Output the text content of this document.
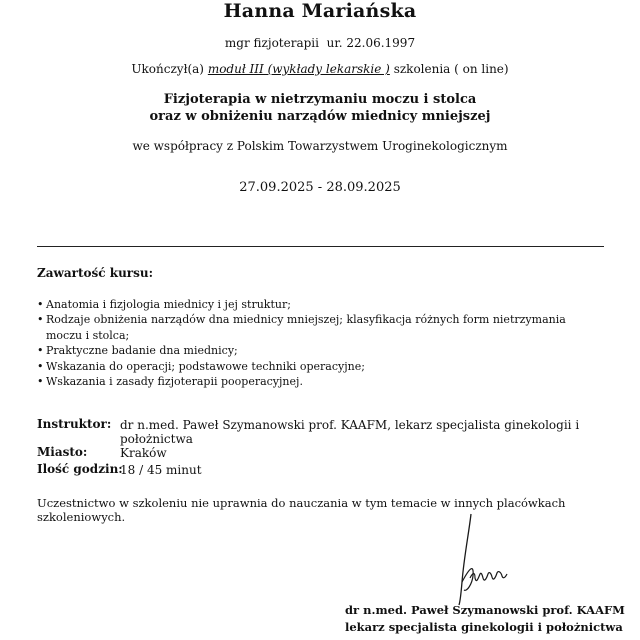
Hanna Mariańska
mgr fizjoterapii  ur. 22.06.1997
Ukończył(a) moduł III (wykłady lekarskie ) szkolenia ( on line)
Fizjoterapia w nietrzymaniu moczu i stolca
oraz w obniżeniu narządów miednicy mniejszej
we współpracy z Polskim Towarzystwem Uroginekologicznym
27.09.2025 - 28.09.2025
Zawartość kursu:
• Anatomia i fizjologia miednicy i jej struktur;
• Rodzaje obniżenia narządów dna miednicy mniejszej; klasyfikacja różnych form nietrzymania moczu i stolca;
• Praktyczne badanie dna miednicy;
• Wskazania do operacji; podstawowe techniki operacyjne;
• Wskazania i zasady fizjoterapii pooperacyjnej.
Instruktor: dr n.med. Paweł Szymanowski prof. KAAFM, lekarz specjalista ginekologii i położnictwa
Miasto:	Kraków
Ilość godzin:
18 / 45 minut
Uczestnictwo w szkoleniu nie uprawnia do nauczania w tym temacie w innych placówkach szkoleniowych.
dr n.med. Paweł Szymanowski prof. KAAFM
lekarz specjalista ginekologii i położnictwa
